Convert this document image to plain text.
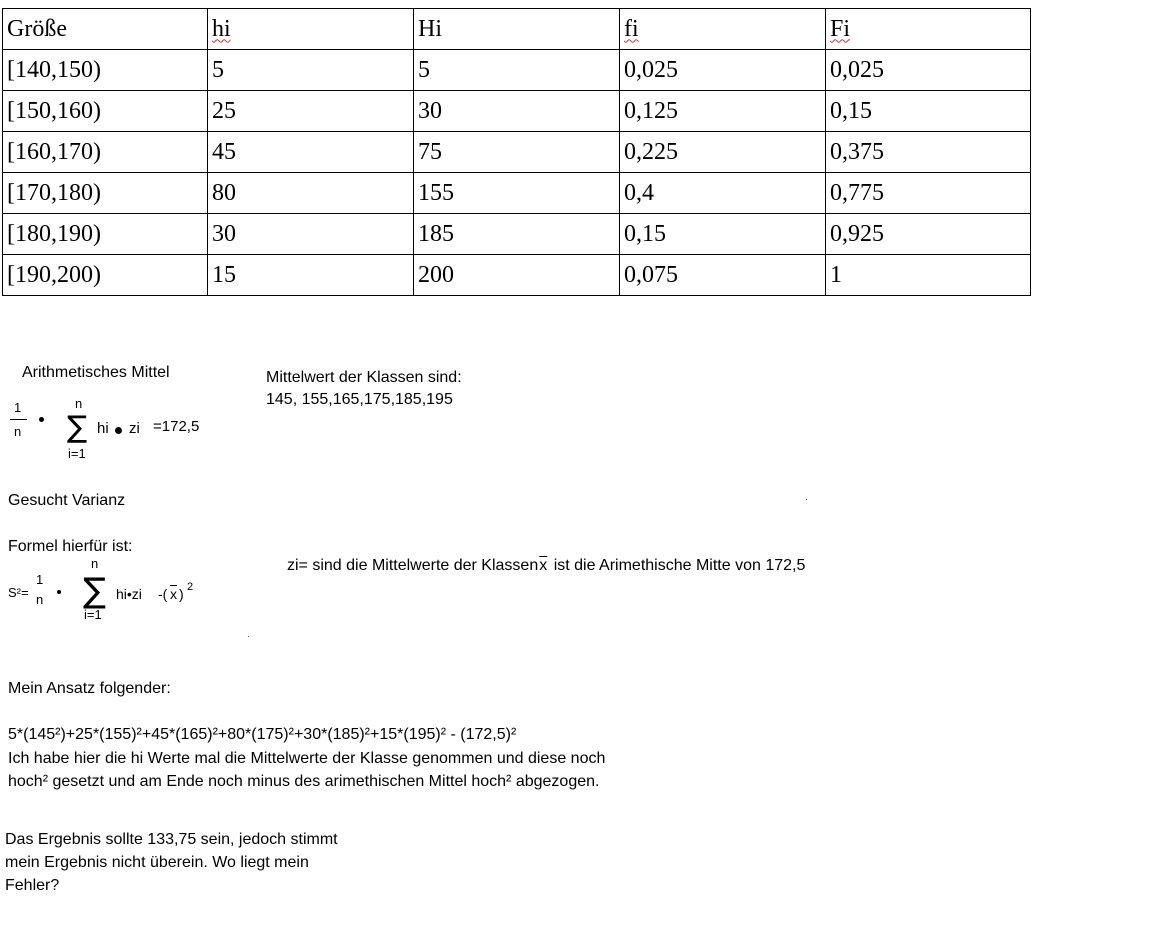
Größe	hi	Hi	fi	Fi
[140,150)	5	5	0,025	0,025
[150,160)	25	30	0,125	0,15
[160,170)	45	75	0,225	0,375
[170,180)	80	155	0,4	0,775
[180,190)	30	185	0,15	0,925
[190,200)	15	200	0,075	1
Arithmetisches Mittel
1
n
n
∑
i=1
hi zi =172,5
Mittelwert der Klassen sind:
145, 155,165,175,185,195
Gesucht Varianz
Formel hierfür ist:
S²=
1
n
n
∑
i=1
hi•zi -( $\overline{x}$ ) 2
zi= sind die Mittelwerte der $Klassen\overline{x}$ ist die Arimethische Mitte von 172,5
Mein Ansatz folgender:
5*(145²)+25*(155)²+45*(165)²+80*(175)²+30*(185)²+15*(195)² - (172,5)²
Ich habe hier die hi Werte mal die Mittelwerte der Klasse genommen und diese noch
hoch² gesetzt und am Ende noch minus des arimethischen Mittel hoch² abgezogen.
Das Ergebnis sollte 133,75 sein, jedoch stimmt
mein Ergebnis nicht überein. Wo liegt mein
Fehler?
